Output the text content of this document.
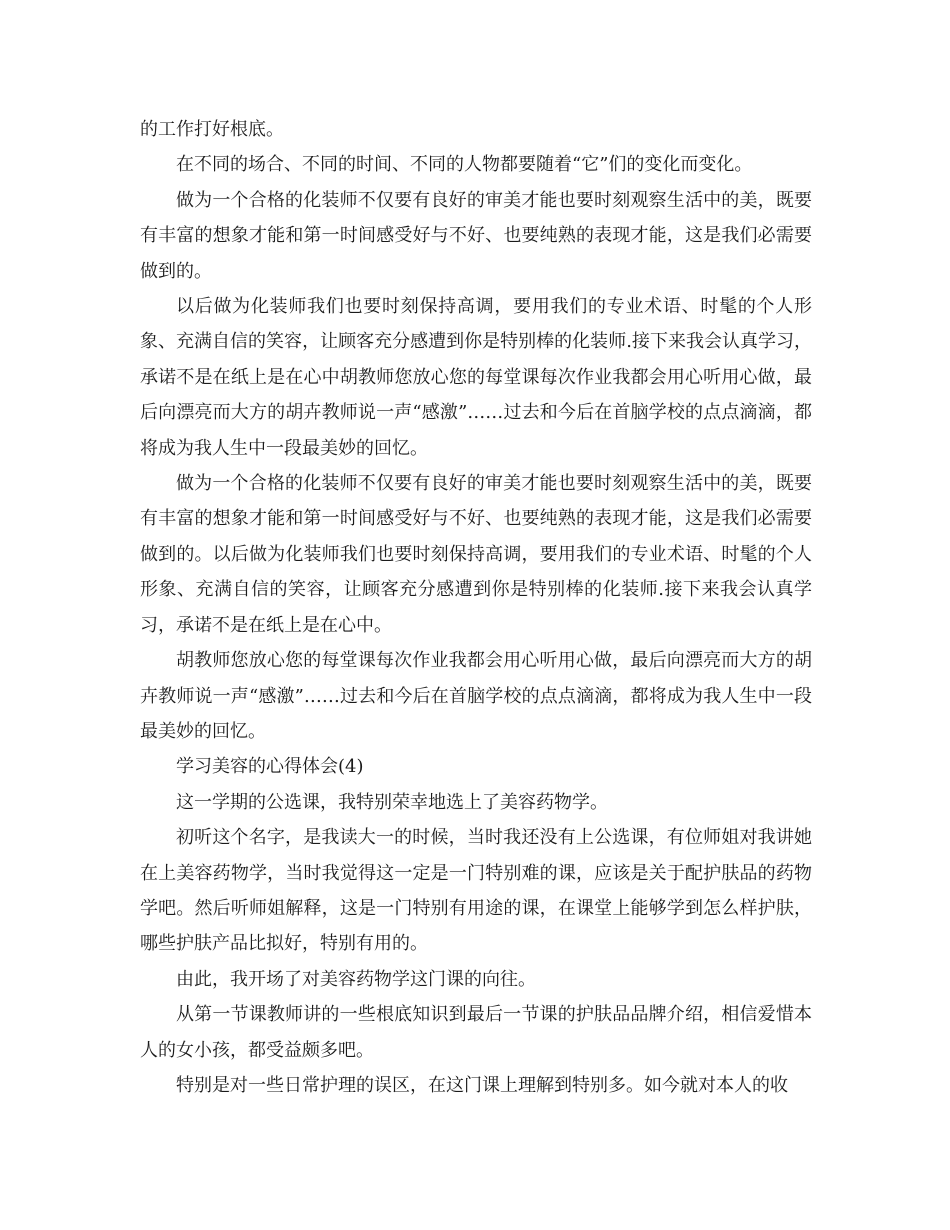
的工作打好根底。

在不同的场合、不同的时间、不同的人物都要随着“它”们的变化而变化。

做为一个合格的化装师不仅要有良好的审美才能也要时刻观察生活中的美，既要有丰富的想象才能和第一时间感受好与不好、也要纯熟的表现才能，这是我们必需要做到的。

以后做为化装师我们也要时刻保持高调，要用我们的专业术语、时髦的个人形象、充满自信的笑容，让顾客充分感遭到你是特别棒的化装师.接下来我会认真学习，承诺不是在纸上是在心中胡教师您放心您的每堂课每次作业我都会用心听用心做，最后向漂亮而大方的胡卉教师说一声“感激”……过去和今后在首脑学校的点点滴滴，都将成为我人生中一段最美妙的回忆。

做为一个合格的化装师不仅要有良好的审美才能也要时刻观察生活中的美，既要有丰富的想象才能和第一时间感受好与不好、也要纯熟的表现才能，这是我们必需要做到的。以后做为化装师我们也要时刻保持高调，要用我们的专业术语、时髦的个人形象、充满自信的笑容，让顾客充分感遭到你是特别棒的化装师.接下来我会认真学习，承诺不是在纸上是在心中。

胡教师您放心您的每堂课每次作业我都会用心听用心做，最后向漂亮而大方的胡卉教师说一声“感激”……过去和今后在首脑学校的点点滴滴，都将成为我人生中一段最美妙的回忆。

学习美容的心得体会(4)

这一学期的公选课，我特别荣幸地选上了美容药物学。

初听这个名字，是我读大一的时候，当时我还没有上公选课，有位师姐对我讲她在上美容药物学，当时我觉得这一定是一门特别难的课，应该是关于配护肤品的药物学吧。然后听师姐解释，这是一门特别有用途的课，在课堂上能够学到怎么样护肤，哪些护肤产品比拟好，特别有用的。

由此，我开场了对美容药物学这门课的向往。

从第一节课教师讲的一些根底知识到最后一节课的护肤品品牌介绍，相信爱惜本人的女小孩，都受益颇多吧。

特别是对一些日常护理的误区，在这门课上理解到特别多。如今就对本人的收
